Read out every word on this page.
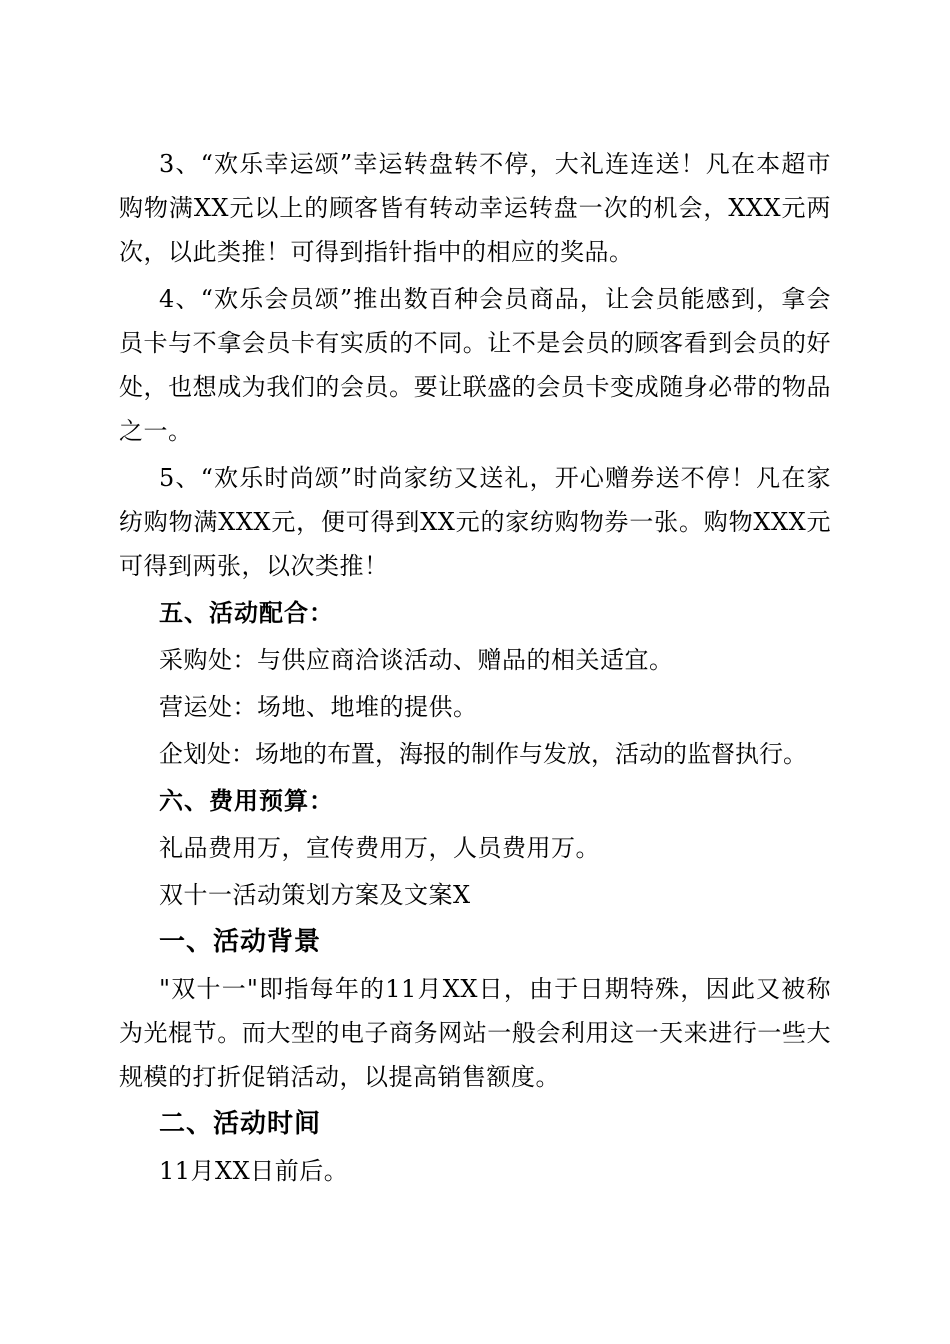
3、“欢乐幸运颂”幸运转盘转不停，大礼连连送！凡在本超市购物满XX元以上的顾客皆有转动幸运转盘一次的机会，XXX元两次，以此类推！可得到指针指中的相应的奖品。

4、“欢乐会员颂”推出数百种会员商品，让会员能感到，拿会员卡与不拿会员卡有实质的不同。让不是会员的顾客看到会员的好处，也想成为我们的会员。要让联盛的会员卡变成随身必带的物品之一。

5、“欢乐时尚颂”时尚家纺又送礼，开心赠券送不停！凡在家纺购物满XXX元，便可得到XX元的家纺购物券一张。购物XXX元可得到两张，以次类推！

五、活动配合：

采购处：与供应商洽谈活动、赠品的相关适宜。

营运处：场地、地堆的提供。

企划处：场地的布置，海报的制作与发放，活动的监督执行。

六、费用预算：

礼品费用万，宣传费用万，人员费用万。

双十一活动策划方案及文案X

一、活动背景

"双十一"即指每年的11月XX日，由于日期特殊，因此又被称为光棍节。而大型的电子商务网站一般会利用这一天来进行一些大规模的打折促销活动，以提高销售额度。

二、活动时间

11月XX日前后。
